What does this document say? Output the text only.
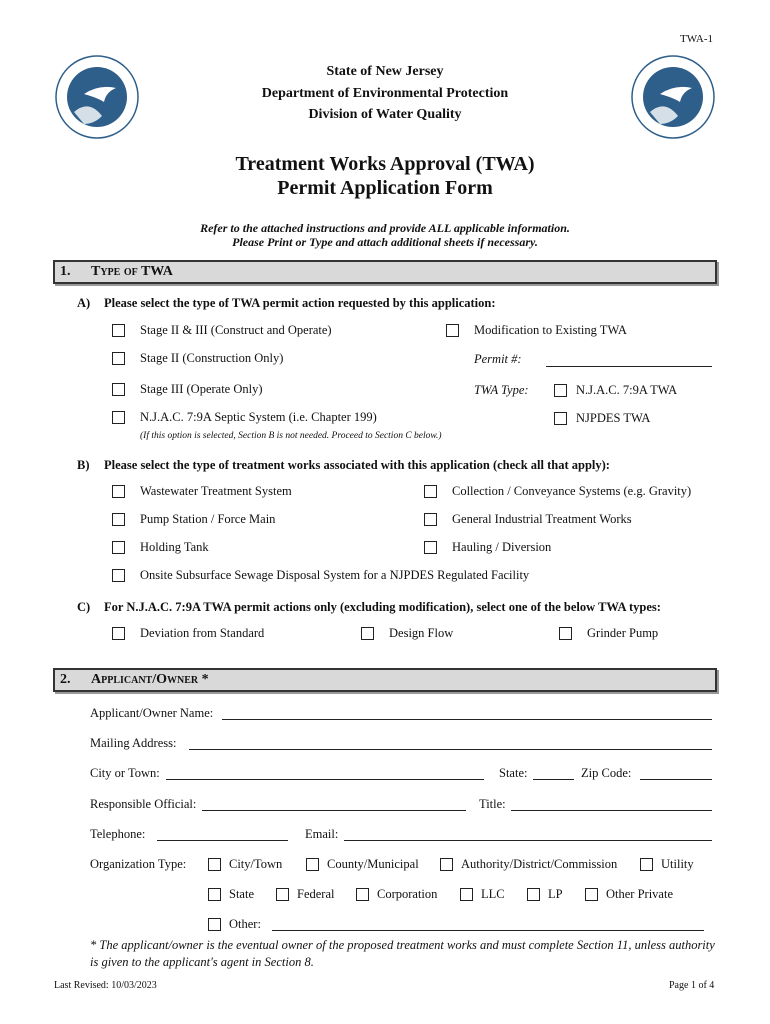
TWA-1
State of New Jersey
Department of Environmental Protection
Division of Water Quality
Treatment Works Approval (TWA)
Permit Application Form
Refer to the attached instructions and provide ALL applicable information.
Please Print or Type and attach additional sheets if necessary.
1. Type of TWA
A) Please select the type of TWA permit action requested by this application:
Stage II & III (Construct and Operate)
Stage II (Construction Only)
Stage III (Operate Only)
N.J.A.C. 7:9A Septic System (i.e. Chapter 199)
(If this option is selected, Section B is not needed. Proceed to Section C below.)
Modification to Existing TWA
Permit #:
TWA Type:	N.J.A.C. 7:9A TWA
NJPDES TWA
B) Please select the type of treatment works associated with this application (check all that apply):
Wastewater Treatment System
Pump Station / Force Main
Holding Tank
Collection / Conveyance Systems (e.g. Gravity)
General Industrial Treatment Works
Hauling / Diversion
Onsite Subsurface Sewage Disposal System for a NJPDES Regulated Facility
C) For N.J.A.C. 7:9A TWA permit actions only (excluding modification), select one of the below TWA types:
Deviation from Standard	Design Flow	Grinder Pump
2. Applicant/Owner *
Applicant/Owner Name:
Mailing Address:
City or Town:	State:	Zip Code:
Responsible Official:	Title:
Telephone:	Email:
Organization Type:	City/Town	County/Municipal	Authority/District/Commission	Utility
State	Federal	Corporation	LLC	LP	Other Private
Other:
* The applicant/owner is the eventual owner of the proposed treatment works and must complete Section 11, unless authority
is given to the applicant's agent in Section 8.
Last Revised: 10/03/2023	Page 1 of 4
